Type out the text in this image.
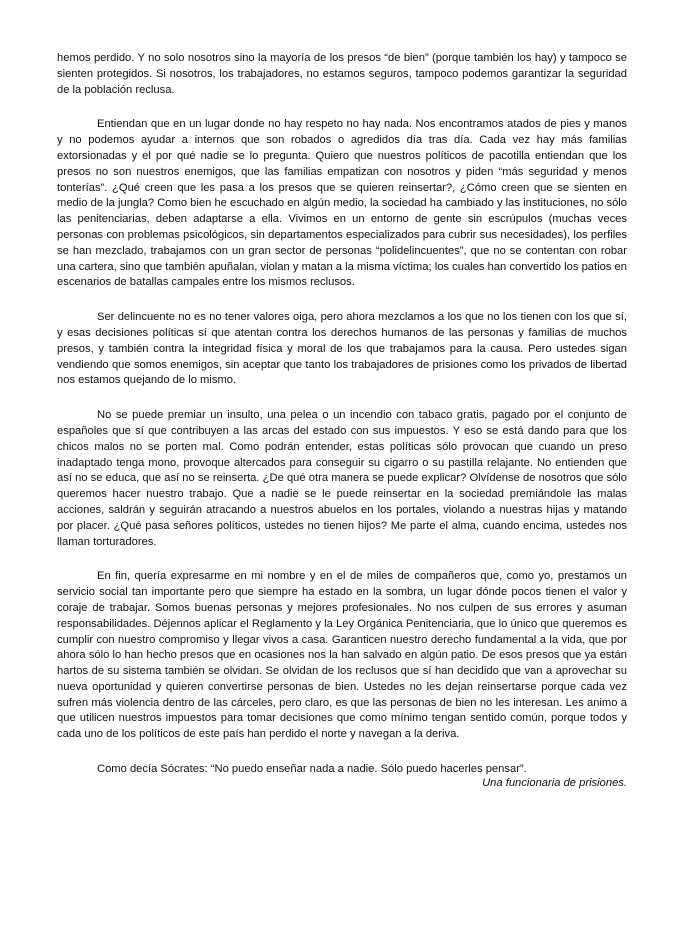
hemos perdido. Y no solo nosotros sino la mayoría de los presos “de bien” (porque también los hay) y tampoco se sienten protegidos. Si nosotros, los trabajadores, no estamos seguros, tampoco podemos garantizar la seguridad de la población reclusa.

Entiendan que en un lugar donde no hay respeto no hay nada. Nos encontramos atados de pies y manos y no podemos ayudar a internos que son robados o agredidos día tras día. Cada vez hay más familias extorsionadas y el por qué nadie se lo pregunta. Quiero que nuestros políticos de pacotilla entiendan que los presos no son nuestros enemigos, que las familias empatizan con nosotros y piden “más seguridad y menos tonterías”. ¿Qué creen que les pasa a los presos que se quieren reinsertar?, ¿Cómo creen que se sienten en medio de la jungla? Como bien he escuchado en algún medio, la sociedad ha cambiado y las instituciones, no sólo las penitenciarias, deben adaptarse a ella. Vivimos en un entorno de gente sin escrúpulos (muchas veces personas con problemas psicológicos, sin departamentos especializados para cubrir sus necesidades), los perfiles se han mezclado, trabajamos con un gran sector de personas “polidelincuentes”, que no se contentan con robar una cartera, sino que también apuñalan, violan y matan a la misma víctima; los cuales han convertido los patios en escenarios de batallas campales entre los mismos reclusos.

Ser delincuente no es no tener valores oiga, pero ahora mezclamos a los que no los tienen con los que sí, y esas decisiones políticas sí que atentan contra los derechos humanos de las personas y familias de muchos presos, y también contra la integridad física y moral de los que trabajamos para la causa. Pero ustedes sigan vendiendo que somos enemigos, sin aceptar que tanto los trabajadores de prisiones como los privados de libertad nos estamos quejando de lo mismo.

No se puede premiar un insulto, una pelea o un incendio con tabaco gratis, pagado por el conjunto de españoles que sí que contribuyen a las arcas del estado con sus impuestos. Y eso se está dando para que los chicos malos no se porten mal. Como podrán entender, estas políticas sólo provocan que cuando un preso inadaptado tenga mono, provoque altercados para conseguir su cigarro o su pastilla relajante. No entienden que así no se educa, que así no se reinserta. ¿De qué otra manera se puede explicar? Olvídense de nosotros que sólo queremos hacer nuestro trabajo. Que a nadie se le puede reinsertar en la sociedad premiándole las malas acciones, saldrán y seguirán atracando a nuestros abuelos en los portales, violando a nuestras hijas y matando por placer. ¿Qué pasa señores políticos, ustedes no tienen hijos? Me parte el alma, cuando encima, ustedes nos llaman torturadores.

En fin, quería expresarme en mi nombre y en el de miles de compañeros que, como yo, prestamos un servicio social tan importante pero que siempre ha estado en la sombra, un lugar dónde pocos tienen el valor y coraje de trabajar. Somos buenas personas y mejores profesionales. No nos culpen de sus errores y asuman responsabilidades. Déjennos aplicar el Reglamento y la Ley Orgánica Penitenciaria, que lo único que queremos es cumplir con nuestro compromiso y llegar vivos a casa. Garanticen nuestro derecho fundamental a la vida, que por ahora sólo lo han hecho presos que en ocasiones nos la han salvado en algún patio. De esos presos que ya están hartos de su sistema también se olvidan. Se olvidan de los reclusos que sí han decidido que van a aprovechar su nueva oportunidad y quieren convertirse personas de bien. Ustedes no les dejan reinsertarse porque cada vez sufren más violencia dentro de las cárceles, pero claro, es que las personas de bien no les interesan. Les animo a que utilicen nuestros impuestos para tomar decisiones que como mínimo tengan sentido común, porque todos y cada uno de los políticos de este país han perdido el norte y navegan a la deriva.

Como decía Sócrates: “No puedo enseñar nada a nadie. Sólo puedo hacerles pensar”.

Una funcionaria de prisiones.
